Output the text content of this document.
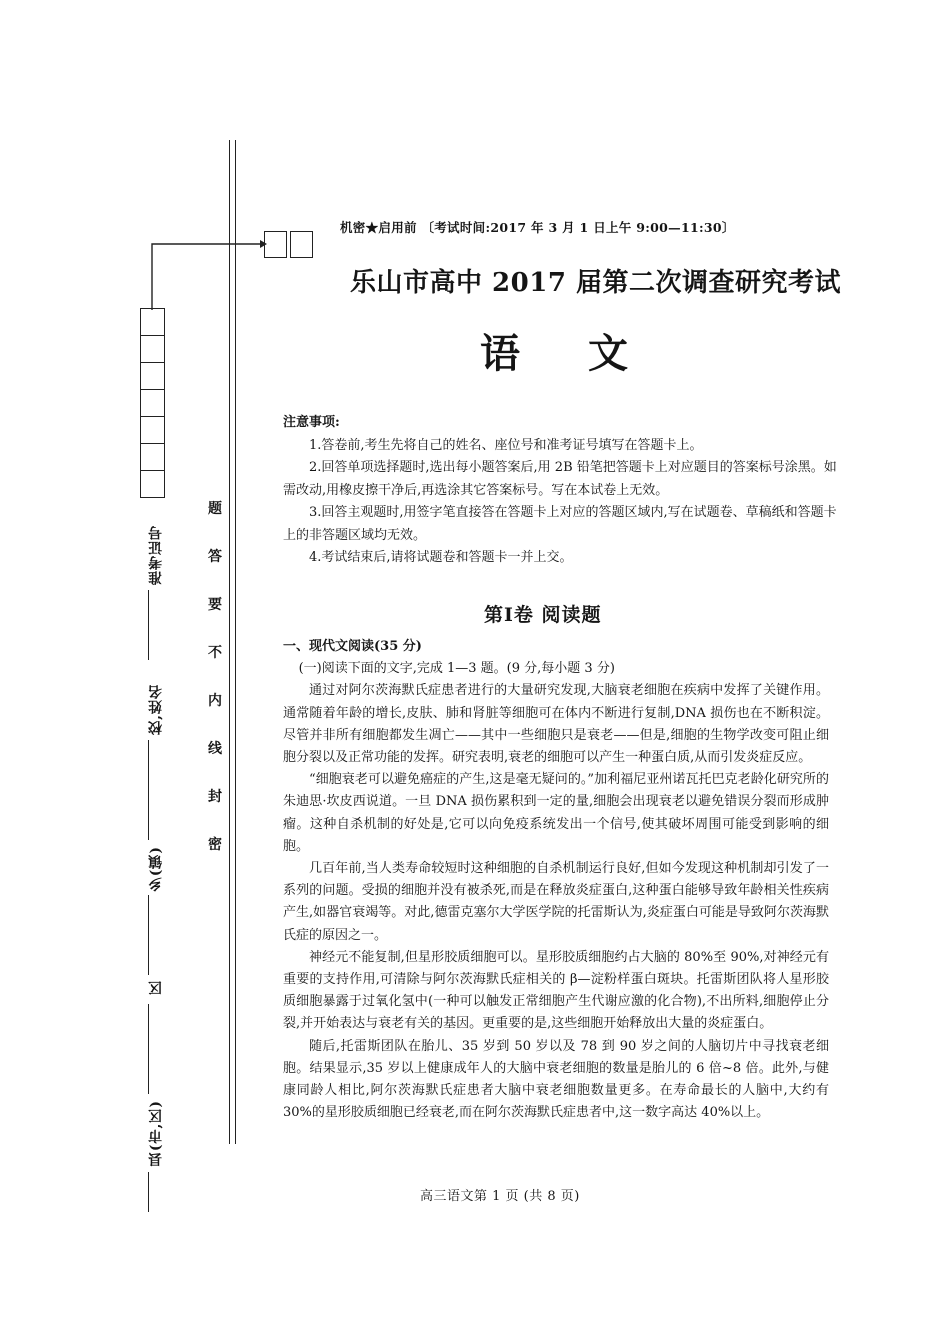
题
答
要
不
内
线
封
密
准考证号
校,姓名
乡(镇)
区
县(市,区)
机密★启用前 〔考试时间:2017 年 3 月 1 日上午 9:00—11:30〕
乐山市高中 2017 届第二次调查研究考试
语文
注意事项:

1.答卷前,考生先将自己的姓名、座位号和准考证号填写在答题卡上。

2.回答单项选择题时,选出每小题答案后,用 2B 铅笔把答题卡上对应题目的答案标号涂黑。如需改动,用橡皮擦干净后,再选涂其它答案标号。写在本试卷上无效。

3.回答主观题时,用签字笔直接答在答题卡上对应的答题区域内,写在试题卷、草稿纸和答题卡上的非答题区域均无效。

4.考试结束后,请将试题卷和答题卡一并上交。

第Ⅰ卷 阅读题

一、现代文阅读(35 分)

(一)阅读下面的文字,完成 1—3 题。(9 分,每小题 3 分)

通过对阿尔茨海默氏症患者进行的大量研究发现,大脑衰老细胞在疾病中发挥了关键作用。通常随着年龄的增长,皮肤、肺和肾脏等细胞可在体内不断进行复制,DNA 损伤也在不断积淀。尽管并非所有细胞都发生凋亡——其中一些细胞只是衰老——但是,细胞的生物学改变可阻止细胞分裂以及正常功能的发挥。研究表明,衰老的细胞可以产生一种蛋白质,从而引发炎症反应。

“细胞衰老可以避免癌症的产生,这是毫无疑问的。”加利福尼亚州诺瓦托巴克老龄化研究所的朱迪思·坎皮西说道。一旦 DNA 损伤累积到一定的量,细胞会出现衰老以避免错误分裂而形成肿瘤。这种自杀机制的好处是,它可以向免疫系统发出一个信号,使其破坏周围可能受到影响的细胞。

几百年前,当人类寿命较短时这种细胞的自杀机制运行良好,但如今发现这种机制却引发了一系列的问题。受损的细胞并没有被杀死,而是在释放炎症蛋白,这种蛋白能够导致年龄相关性疾病产生,如器官衰竭等。对此,德雷克塞尔大学医学院的托雷斯认为,炎症蛋白可能是导致阿尔茨海默氏症的原因之一。

神经元不能复制,但星形胶质细胞可以。星形胶质细胞约占大脑的 80%至 90%,对神经元有重要的支持作用,可清除与阿尔茨海默氏症相关的 β—淀粉样蛋白斑块。托雷斯团队将人星形胶质细胞暴露于过氧化氢中(一种可以触发正常细胞产生代谢应激的化合物),不出所料,细胞停止分裂,并开始表达与衰老有关的基因。更重要的是,这些细胞开始释放出大量的炎症蛋白。

随后,托雷斯团队在胎儿、35 岁到 50 岁以及 78 到 90 岁之间的人脑切片中寻找衰老细胞。结果显示,35 岁以上健康成年人的大脑中衰老细胞的数量是胎儿的 6 倍~8 倍。此外,与健康同龄人相比,阿尔茨海默氏症患者大脑中衰老细胞数量更多。在寿命最长的人脑中,大约有 30%的星形胶质细胞已经衰老,而在阿尔茨海默氏症患者中,这一数字高达 40%以上。

高三语文第 1 页 (共 8 页)
